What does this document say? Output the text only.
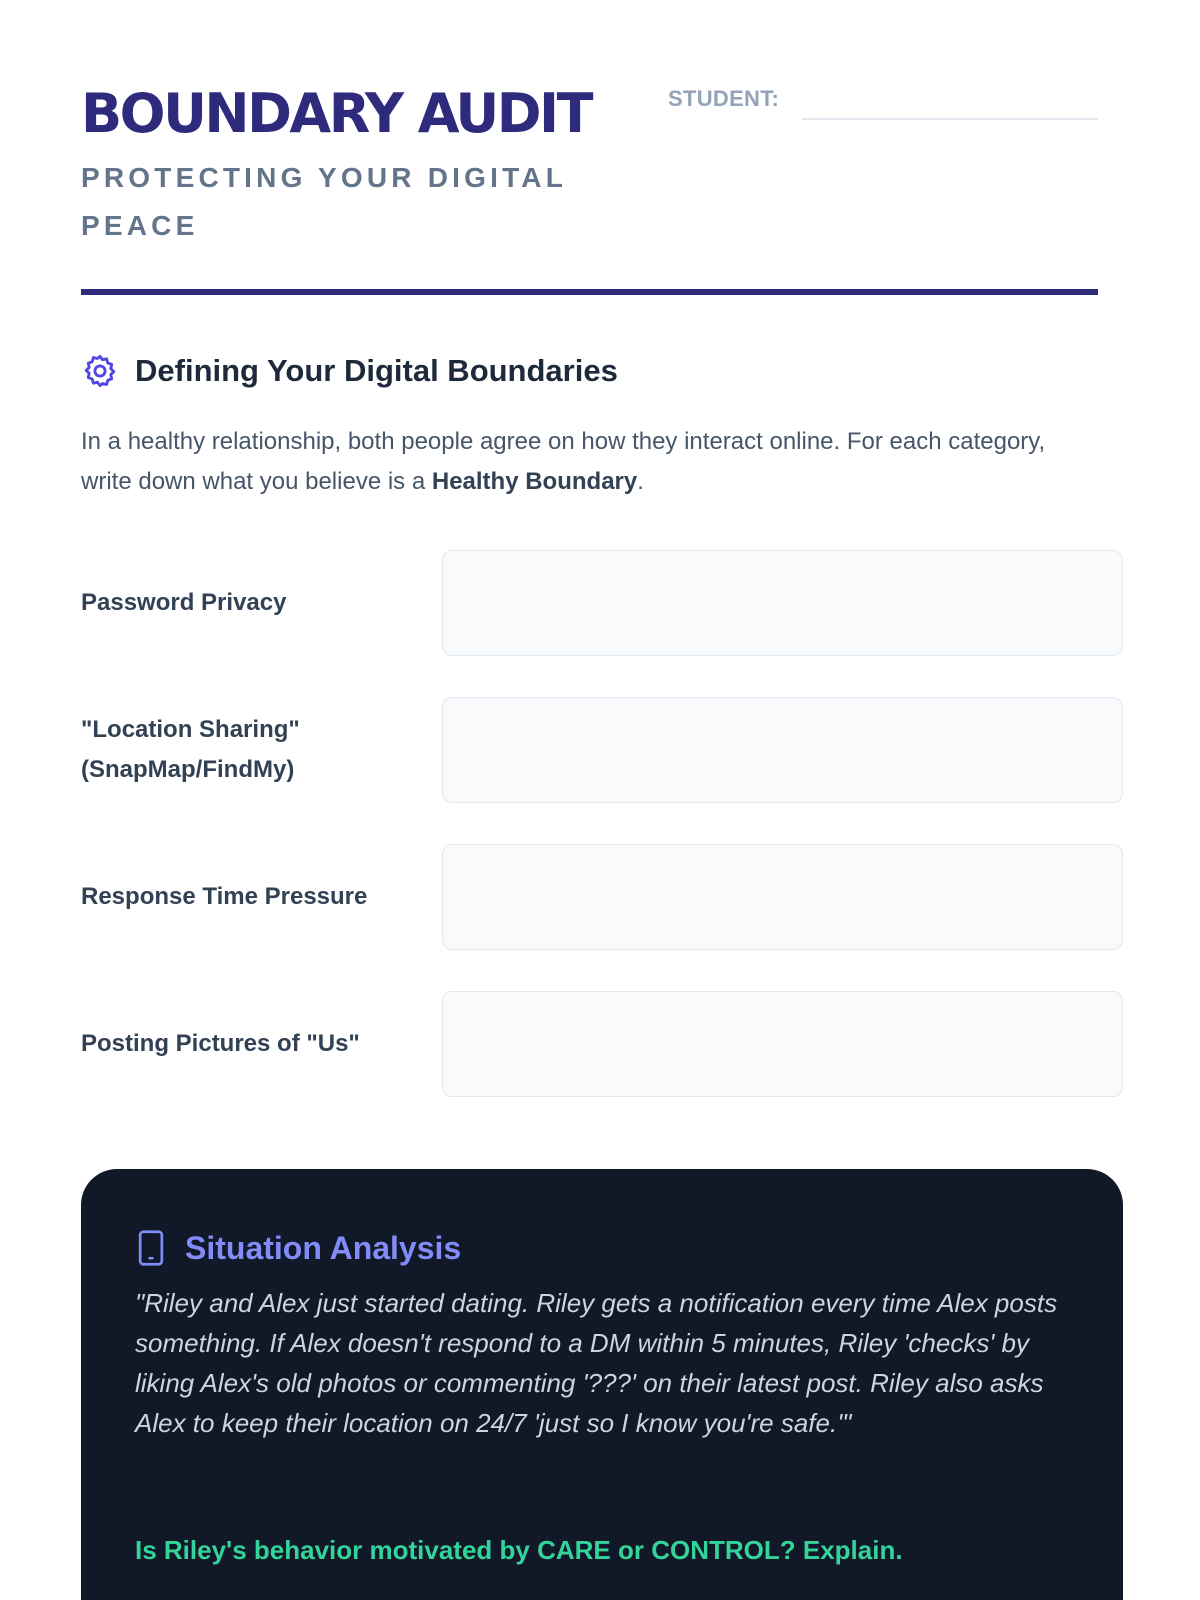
BOUNDARY AUDIT
PROTECTING YOUR DIGITAL PEACE
STUDENT:
Defining Your Digital Boundaries

In a healthy relationship, both people agree on how they interact online. For each category, write down what you believe is a Healthy Boundary.

Password Privacy
"Location Sharing" (SnapMap/FindMy)
Response Time Pressure
Posting Pictures of "Us"
Situation Analysis

"Riley and Alex just started dating. Riley gets a notification every time Alex posts something. If Alex doesn't respond to a DM within 5 minutes, Riley 'checks' by liking Alex's old photos or commenting '???' on their latest post. Riley also asks Alex to keep their location on 24/7 'just so I know you're safe.'"

Is Riley's behavior motivated by CARE or CONTROL? Explain.
